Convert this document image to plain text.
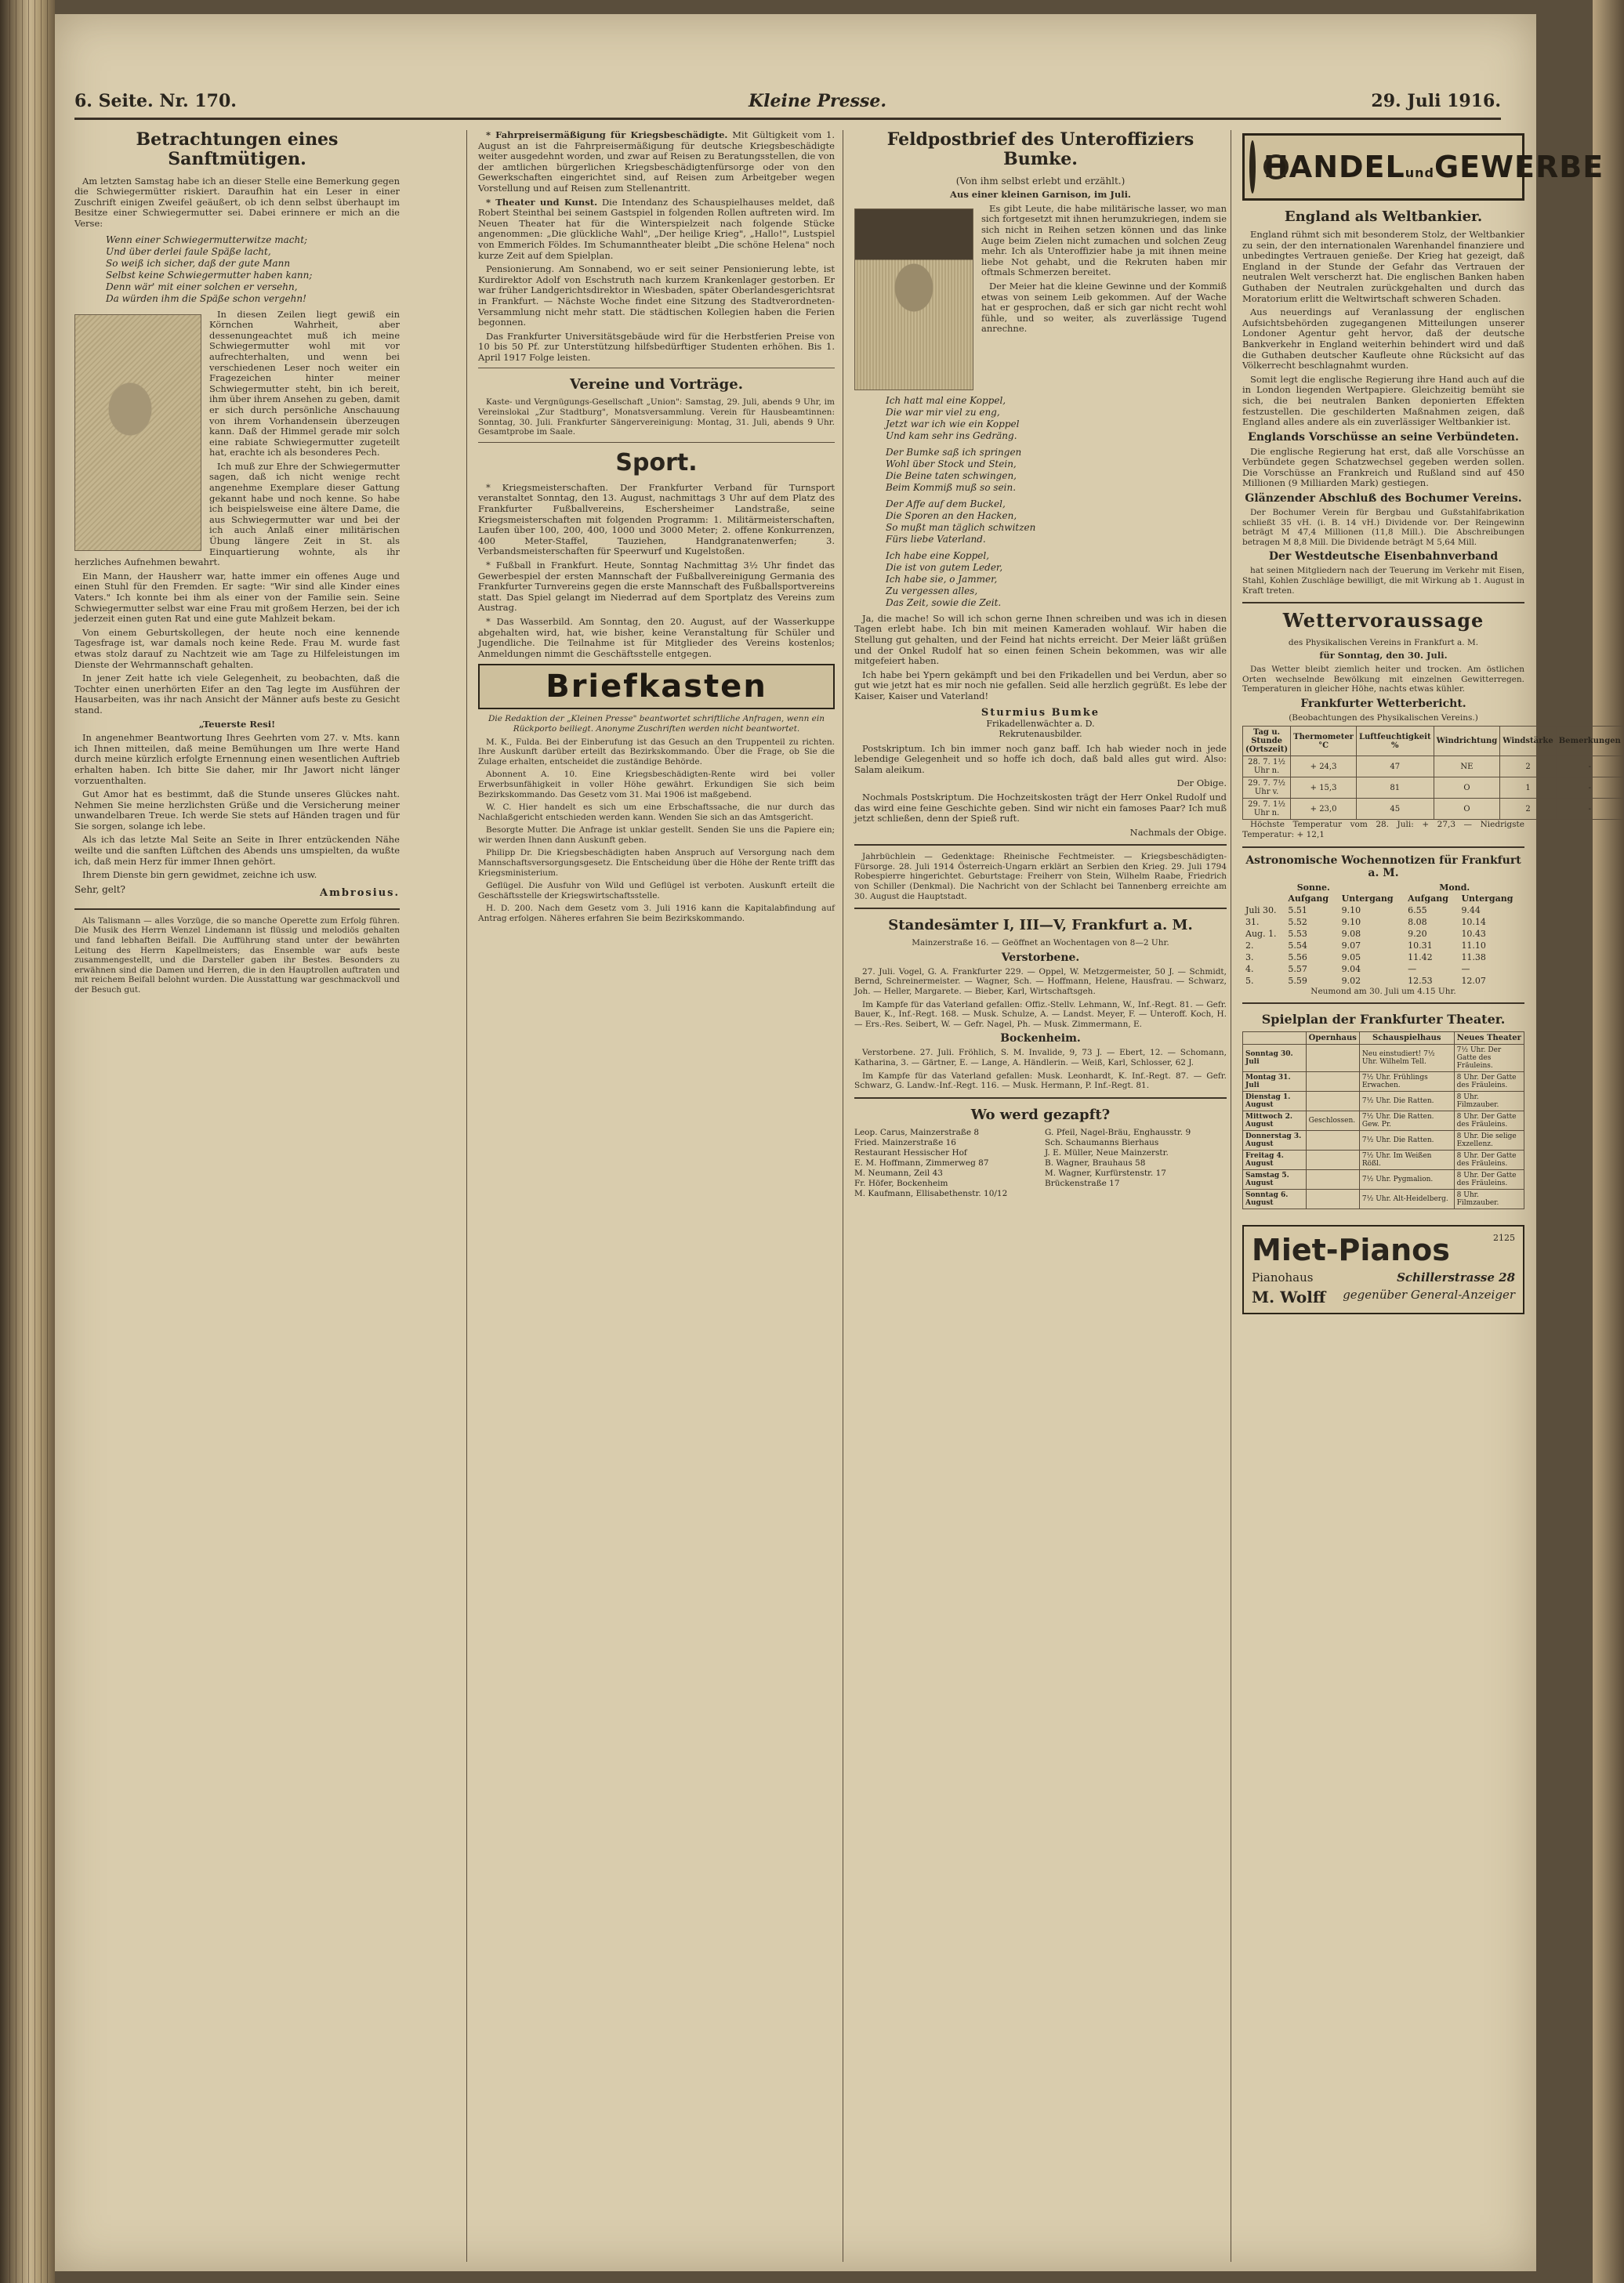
6. Seite. Nr. 170.	Kleine Presse.	29. Juli 1916.
Betrachtungen eines Sanftmütigen.

Am letzten Samstag habe ich an dieser Stelle eine Bemerkung gegen die Schwiegermütter riskiert. Daraufhin hat ein Leser in einer Zuschrift einigen Zweifel geäußert, ob ich denn selbst überhaupt im Besitze einer Schwiegermutter sei. Dabei erinnere er mich an die Verse:

Wenn einer Schwiegermutterwitze macht;
Und über derlei faule Späße lacht,
So weiß ich sicher, daß der gute Mann
Selbst keine Schwiegermutter haben kann;
Denn wär' mit einer solchen er versehn,
Da würden ihm die Späße schon vergehn!

In diesen Zeilen liegt gewiß ein Körnchen Wahrheit, aber dessenungeachtet muß ich meine Schwiegermutter wohl mit vor aufrechterhalten, und wenn bei verschiedenen Leser noch weiter ein Fragezeichen hinter meiner Schwiegermutter steht, bin ich bereit, ihm über ihrem Ansehen zu geben, damit er sich durch persönliche Anschauung von ihrem Vorhandensein überzeugen kann. Daß der Himmel gerade mir solch eine rabiate Schwiegermutter zugeteilt hat, erachte ich als besonderes Pech.

Ich muß zur Ehre der Schwiegermutter sagen, daß ich nicht wenige recht angenehme Exemplare dieser Gattung gekannt habe und noch kenne. So habe ich beispielsweise eine ältere Dame, die aus Schwiegermutter war und bei der ich auch Anlaß einer militärischen Übung längere Zeit in St. als Einquartierung wohnte, als ihr herzliches Aufnehmen bewahrt.

Ein Mann, der Hausherr war, hatte immer ein offenes Auge und einen Stuhl für den Fremden. Er sagte: "Wir sind alle Kinder eines Vaters." Ich konnte bei ihm als einer von der Familie sein. Seine Schwiegermutter selbst war eine Frau mit großem Herzen, bei der ich jederzeit einen guten Rat und eine gute Mahlzeit bekam.

Von einem Geburtskollegen, der heute noch eine kennende Tagesfrage ist, war damals noch keine Rede. Frau M. wurde fast etwas stolz darauf zu Nachtzeit wie am Tage zu Hilfeleistungen im Dienste der Wehrmannschaft gehalten.

In jener Zeit hatte ich viele Gelegenheit, zu beobachten, daß die Tochter einen unerhörten Eifer an den Tag legte im Ausführen der Hausarbeiten, was ihr nach Ansicht der Männer aufs beste zu Gesicht stand.

„Teuerste Resi!

In angenehmer Beantwortung Ihres Geehrten vom 27. v. Mts. kann ich Ihnen mitteilen, daß meine Bemühungen um Ihre werte Hand durch meine kürzlich erfolgte Ernennung einen wesentlichen Auftrieb erhalten haben. Ich bitte Sie daher, mir Ihr Jawort nicht länger vorzuenthalten.

Gut Amor hat es bestimmt, daß die Stunde unseres Glückes naht. Nehmen Sie meine herzlichsten Grüße und die Versicherung meiner unwandelbaren Treue. Ich werde Sie stets auf Händen tragen und für Sie sorgen, solange ich lebe.

Als ich das letzte Mal Seite an Seite in Ihrer entzückenden Nähe weilte und die sanften Lüftchen des Abends uns umspielten, da wußte ich, daß mein Herz für immer Ihnen gehört.

Ihrem Dienste bin gern gewidmet, zeichne ich usw.

Sehr, gelt?	Ambrosius.

Als Talismann — alles Vorzüge, die so manche Operette zum Erfolg führen. Die Musik des Herrn Wenzel Lindemann ist flüssig und melodiös gehalten und fand lebhaften Beifall. Die Aufführung stand unter der bewährten Leitung des Herrn Kapellmeisters; das Ensemble war aufs beste zusammengestellt, und die Darsteller gaben ihr Bestes. Besonders zu erwähnen sind die Damen und Herren, die in den Hauptrollen auftraten und mit reichem Beifall belohnt wurden. Die Ausstattung war geschmackvoll und der Besuch gut.

* Fahrpreisermäßigung für Kriegsbeschädigte. Mit Gültigkeit vom 1. August an ist die Fahrpreisermäßigung für deutsche Kriegsbeschädigte weiter ausgedehnt worden, und zwar auf Reisen zu Beratungsstellen, die von der amtlichen bürgerlichen Kriegsbeschädigtenfürsorge oder von den Gewerkschaften eingerichtet sind, auf Reisen zum Arbeitgeber wegen Vorstellung und auf Reisen zum Stellenantritt.

* Theater und Kunst. Die Intendanz des Schauspielhauses meldet, daß Robert Steinthal bei seinem Gastspiel in folgenden Rollen auftreten wird. Im Neuen Theater hat für die Winterspielzeit nach folgende Stücke angenommen: „Die glückliche Wahl", „Der heilige Krieg", „Hallo!", Lustspiel von Emmerich Földes. Im Schumanntheater bleibt „Die schöne Helena" noch kurze Zeit auf dem Spielplan.

Pensionierung. Am Sonnabend, wo er seit seiner Pensionierung lebte, ist Kurdirektor Adolf von Eschstruth nach kurzem Krankenlager gestorben. Er war früher Landgerichtsdirektor in Wiesbaden, später Oberlandesgerichtsrat in Frankfurt. — Nächste Woche findet eine Sitzung des Stadtverordneten-Versammlung nicht mehr statt. Die städtischen Kollegien haben die Ferien begonnen.

Das Frankfurter Universitätsgebäude wird für die Herbstferien Preise von 10 bis 50 Pf. zur Unterstützung hilfsbedürftiger Studenten erhöhen. Bis 1. April 1917 Folge leisten.

Vereine und Vorträge.

Kaste- und Vergnügungs-Gesellschaft „Union": Samstag, 29. Juli, abends 9 Uhr, im Vereinslokal „Zur Stadtburg", Monatsversammlung. Verein für Hausbeamtinnen: Sonntag, 30. Juli. Frankfurter Sängervereinigung: Montag, 31. Juli, abends 9 Uhr. Gesamtprobe im Saale.

Sport.

* Kriegsmeisterschaften. Der Frankfurter Verband für Turnsport veranstaltet Sonntag, den 13. August, nachmittags 3 Uhr auf dem Platz des Frankfurter Fußballvereins, Eschersheimer Landstraße, seine Kriegsmeisterschaften mit folgenden Programm: 1. Militärmeisterschaften, Laufen über 100, 200, 400, 1000 und 3000 Meter; 2. offene Konkurrenzen, 400 Meter-Staffel, Tauziehen, Handgranatenwerfen; 3. Verbandsmeisterschaften für Speerwurf und Kugelstoßen.

* Fußball in Frankfurt. Heute, Sonntag Nachmittag 3½ Uhr findet das Gewerbespiel der ersten Mannschaft der Fußballvereinigung Germania des Frankfurter Turnvereins gegen die erste Mannschaft des Fußballsportvereins statt. Das Spiel gelangt im Niederrad auf dem Sportplatz des Vereins zum Austrag.

* Das Wasserbild. Am Sonntag, den 20. August, auf der Wasserkuppe abgehalten wird, hat, wie bisher, keine Veranstaltung für Schüler und Jugendliche. Die Teilnahme ist für Mitglieder des Vereins kostenlos; Anmeldungen nimmt die Geschäftsstelle entgegen.

Briefkasten

Die Redaktion der „Kleinen Presse" beantwortet schriftliche Anfragen, wenn ein Rückporto beiliegt. Anonyme Zuschriften werden nicht beantwortet.

M. K., Fulda. Bei der Einberufung ist das Gesuch an den Truppenteil zu richten. Ihre Auskunft darüber erteilt das Bezirkskommando. Über die Frage, ob Sie die Zulage erhalten, entscheidet die zuständige Behörde.

Abonnent A. 10. Eine Kriegsbeschädigten-Rente wird bei voller Erwerbsunfähigkeit in voller Höhe gewährt. Erkundigen Sie sich beim Bezirkskommando. Das Gesetz vom 31. Mai 1906 ist maßgebend.

W. C. Hier handelt es sich um eine Erbschaftssache, die nur durch das Nachlaßgericht entschieden werden kann. Wenden Sie sich an das Amtsgericht.

Besorgte Mutter. Die Anfrage ist unklar gestellt. Senden Sie uns die Papiere ein; wir werden Ihnen dann Auskunft geben.

Philipp Dr. Die Kriegsbeschädigten haben Anspruch auf Versorgung nach dem Mannschaftsversorgungsgesetz. Die Entscheidung über die Höhe der Rente trifft das Kriegsministerium.

Geflügel. Die Ausfuhr von Wild und Geflügel ist verboten. Auskunft erteilt die Geschäftsstelle der Kriegswirtschaftsstelle.

H. D. 200. Nach dem Gesetz vom 3. Juli 1916 kann die Kapitalabfindung auf Antrag erfolgen. Näheres erfahren Sie beim Bezirkskommando.

Feldpostbrief des Unteroffiziers Bumke.

(Von ihm selbst erlebt und erzählt.)

Aus einer kleinen Garnison, im Juli.

Es gibt Leute, die habe militärische lasser, wo man sich fortgesetzt mit ihnen herumzukriegen, indem sie sich nicht in Reihen setzen können und das linke Auge beim Zielen nicht zumachen und solchen Zeug mehr. Ich als Unteroffizier habe ja mit ihnen meine liebe Not gehabt, und die Rekruten haben mir oftmals Schmerzen bereitet.

Der Meier hat die kleine Gewinne und der Kommiß etwas von seinem Leib gekommen. Auf der Wache hat er gesprochen, daß er sich gar nicht recht wohl fühle, und so weiter, als zuverlässige Tugend anrechne.

Ich hatt mal eine Koppel,
Die war mir viel zu eng,
Jetzt war ich wie ein Koppel
Und kam sehr ins Gedräng.
Der Bumke saß ich springen
Wohl über Stock und Stein,
Die Beine taten schwingen,
Beim Kommiß muß so sein.
Der Affe auf dem Buckel,
Die Sporen an den Hacken,
So mußt man täglich schwitzen
Fürs liebe Vaterland.
Ich habe eine Koppel,
Die ist von gutem Leder,
Ich habe sie, o Jammer,
Zu vergessen alles,
Das Zeit, sowie die Zeit.

Ja, die mache! So will ich schon gerne Ihnen schreiben und was ich in diesen Tagen erlebt habe. Ich bin mit meinen Kameraden wohlauf. Wir haben die Stellung gut gehalten, und der Feind hat nichts erreicht. Der Meier läßt grüßen und der Onkel Rudolf hat so einen feinen Schein bekommen, was wir alle mitgefeiert haben.

Ich habe bei Ypern gekämpft und bei den Frikadellen und bei Verdun, aber so gut wie jetzt hat es mir noch nie gefallen. Seid alle herzlich gegrüßt. Es lebe der Kaiser, Kaiser und Vaterland!

Sturmius Bumke
Frikadellenwächter a. D.
Rekrutenausbilder.

Postskriptum. Ich bin immer noch ganz baff. Ich hab wieder noch in jede lebendige Gelegenheit und so hoffe ich doch, daß bald alles gut wird. Also: Salam aleikum.

Der Obige.

Nochmals Postskriptum. Die Hochzeitskosten trägt der Herr Onkel Rudolf und das wird eine feine Geschichte geben. Sind wir nicht ein famoses Paar? Ich muß jetzt schließen, denn der Spieß ruft.

Nachmals der Obige.

Jahrbüchlein — Gedenktage: Rheinische Fechtmeister. — Kriegsbeschädigten-Fürsorge. 28. Juli 1914 Österreich-Ungarn erklärt an Serbien den Krieg. 29. Juli 1794 Robespierre hingerichtet. Geburtstage: Freiherr von Stein, Wilhelm Raabe, Friedrich von Schiller (Denkmal). Die Nachricht von der Schlacht bei Tannenberg erreichte am 30. August die Hauptstadt.

Standesämter I, III—V, Frankfurt a. M.

Mainzerstraße 16. — Geöffnet an Wochentagen von 8—2 Uhr.

Verstorbene.

27. Juli. Vogel, G. A. Frankfurter 229. — Oppel, W. Metzgermeister, 50 J. — Schmidt, Bernd, Schreinermeister. — Wagner, Sch. — Hoffmann, Helene, Hausfrau. — Schwarz, Joh. — Heller, Margarete. — Bieber, Karl, Wirtschaftsgeh.

Im Kampfe für das Vaterland gefallen: Offiz.-Stellv. Lehmann, W., Inf.-Regt. 81. — Gefr. Bauer, K., Inf.-Regt. 168. — Musk. Schulze, A. — Landst. Meyer, F. — Unteroff. Koch, H. — Ers.-Res. Seibert, W. — Gefr. Nagel, Ph. — Musk. Zimmermann, E.

Bockenheim.

Verstorbene. 27. Juli. Fröhlich, S. M. Invalide, 9, 73 J. — Ebert, 12. — Schomann, Katharina, 3. — Gärtner, E. — Lange, A. Händlerin. — Weiß, Karl, Schlosser, 62 J.

Im Kampfe für das Vaterland gefallen: Musk. Leonhardt, K. Inf.-Regt. 87. — Gefr. Schwarz, G. Landw.-Inf.-Regt. 116. — Musk. Hermann, P. Inf.-Regt. 81.

Wo werd gezapft?
Leop. Carus, Mainzerstraße 8
Fried. Mainzerstraße 16
Restaurant Hessischer Hof
E. M. Hoffmann, Zimmerweg 87
M. Neumann, Zeil 43
Fr. Höfer, Bockenheim
M. Kaufmann, Ellisabethenstr. 10/12
G. Pfeil, Nagel-Bräu, Enghausstr. 9
Sch. Schaumanns Bierhaus
J. E. Müller, Neue Mainzerstr.
B. Wagner, Brauhaus 58
M. Wagner, Kurfürstenstr. 17
Brückenstraße 17
HANDELundGEWERBE
England als Weltbankier.

England rühmt sich mit besonderem Stolz, der Weltbankier zu sein, der den internationalen Warenhandel finanziere und unbedingtes Vertrauen genieße. Der Krieg hat gezeigt, daß England in der Stunde der Gefahr das Vertrauen der neutralen Welt verscherzt hat. Die englischen Banken haben Guthaben der Neutralen zurückgehalten und durch das Moratorium erlitt die Weltwirtschaft schweren Schaden.

Aus neuerdings auf Veranlassung der englischen Aufsichtsbehörden zugegangenen Mitteilungen unserer Londoner Agentur geht hervor, daß der deutsche Bankverkehr in England weiterhin behindert wird und daß die Guthaben deutscher Kaufleute ohne Rücksicht auf das Völkerrecht beschlagnahmt wurden.

Somit legt die englische Regierung ihre Hand auch auf die in London liegenden Wertpapiere. Gleichzeitig bemüht sie sich, die bei neutralen Banken deponierten Effekten festzustellen. Die geschilderten Maßnahmen zeigen, daß England alles andere als ein zuverlässiger Weltbankier ist.

Englands Vorschüsse an seine Verbündeten.

Die englische Regierung hat erst, daß alle Vorschüsse an Verbündete gegen Schatzwechsel gegeben werden sollen. Die Vorschüsse an Frankreich und Rußland sind auf 450 Millionen (9 Milliarden Mark) gestiegen.

Glänzender Abschluß des Bochumer Vereins.

Der Bochumer Verein für Bergbau und Gußstahlfabrikation schließt 35 vH. (i. B. 14 vH.) Dividende vor. Der Reingewinn beträgt M 47,4 Millionen (11,8 Mill.). Die Abschreibungen betragen M 8,8 Mill. Die Dividende beträgt M 5,64 Mill.

Der Westdeutsche Eisenbahnverband

hat seinen Mitgliedern nach der Teuerung im Verkehr mit Eisen, Stahl, Kohlen Zuschläge bewilligt, die mit Wirkung ab 1. August in Kraft treten.

Wettervoraussage

des Physikalischen Vereins in Frankfurt a. M.

für Sonntag, den 30. Juli.

Das Wetter bleibt ziemlich heiter und trocken. Am östlichen Orten wechselnde Bewölkung mit einzelnen Gewitterregen. Temperaturen in gleicher Höhe, nachts etwas kühler.

Frankfurter Wetterbericht.

(Beobachtungen des Physikalischen Vereins.)

Tag u. Stunde (Ortszeit)	Thermometer °C	Luftfeuchtigkeit %	Windrichtung	Windstärke	Bemerkungen
28. 7. 1½ Uhr n.	+ 24,3	47	NE	2	-
29. 7. 7½ Uhr v.	+ 15,3	81	O	1	-
29. 7. 1½ Uhr n.	+ 23,0	45	O	2	-

Höchste Temperatur vom 28. Juli: + 27,3 — Niedrigste Temperatur: + 12,1

Astronomische Wochennotizen für Frankfurt a. M.
Sonne.	Mond.
	Aufgang	Untergang	Aufgang	Untergang
Juli 30.	5.51	9.10	6.55	9.44
31.	5.52	9.10	8.08	10.14
Aug. 1.	5.53	9.08	9.20	10.43
2.	5.54	9.07	10.31	11.10
3.	5.56	9.05	11.42	11.38
4.	5.57	9.04	—	—
5.	5.59	9.02	12.53	12.07

Neumond am 30. Juli um 4.15 Uhr.

Spielplan der Frankfurter Theater.
	Opernhaus	Schauspielhaus	Neues Theater
Sonntag 30. Juli		Neu einstudiert! 7½ Uhr. Wilhelm Tell.	7½ Uhr. Der Gatte des Fräuleins.
Montag 31. Juli		7½ Uhr. Frühlings Erwachen.	8 Uhr. Der Gatte des Fräuleins.
Dienstag 1. August		7½ Uhr. Die Ratten.	8 Uhr. Filmzauber.
Mittwoch 2. August	Geschlossen.	7½ Uhr. Die Ratten. Gew. Pr.	8 Uhr. Der Gatte des Fräuleins.
Donnerstag 3. August		7½ Uhr. Die Ratten.	8 Uhr. Die selige Exzellenz.
Freitag 4. August		7½ Uhr. Im Weißen Rößl.	8 Uhr. Der Gatte des Fräuleins.
Samstag 5. August		7½ Uhr. Pygmalion.	8 Uhr. Der Gatte des Fräuleins.
Sonntag 6. August		7½ Uhr. Alt-Heidelberg.	8 Uhr. Filmzauber.
Miet-Pianos	2125
Pianohaus	Schillerstrasse 28
M. Wolff gegenüber General-Anzeiger
